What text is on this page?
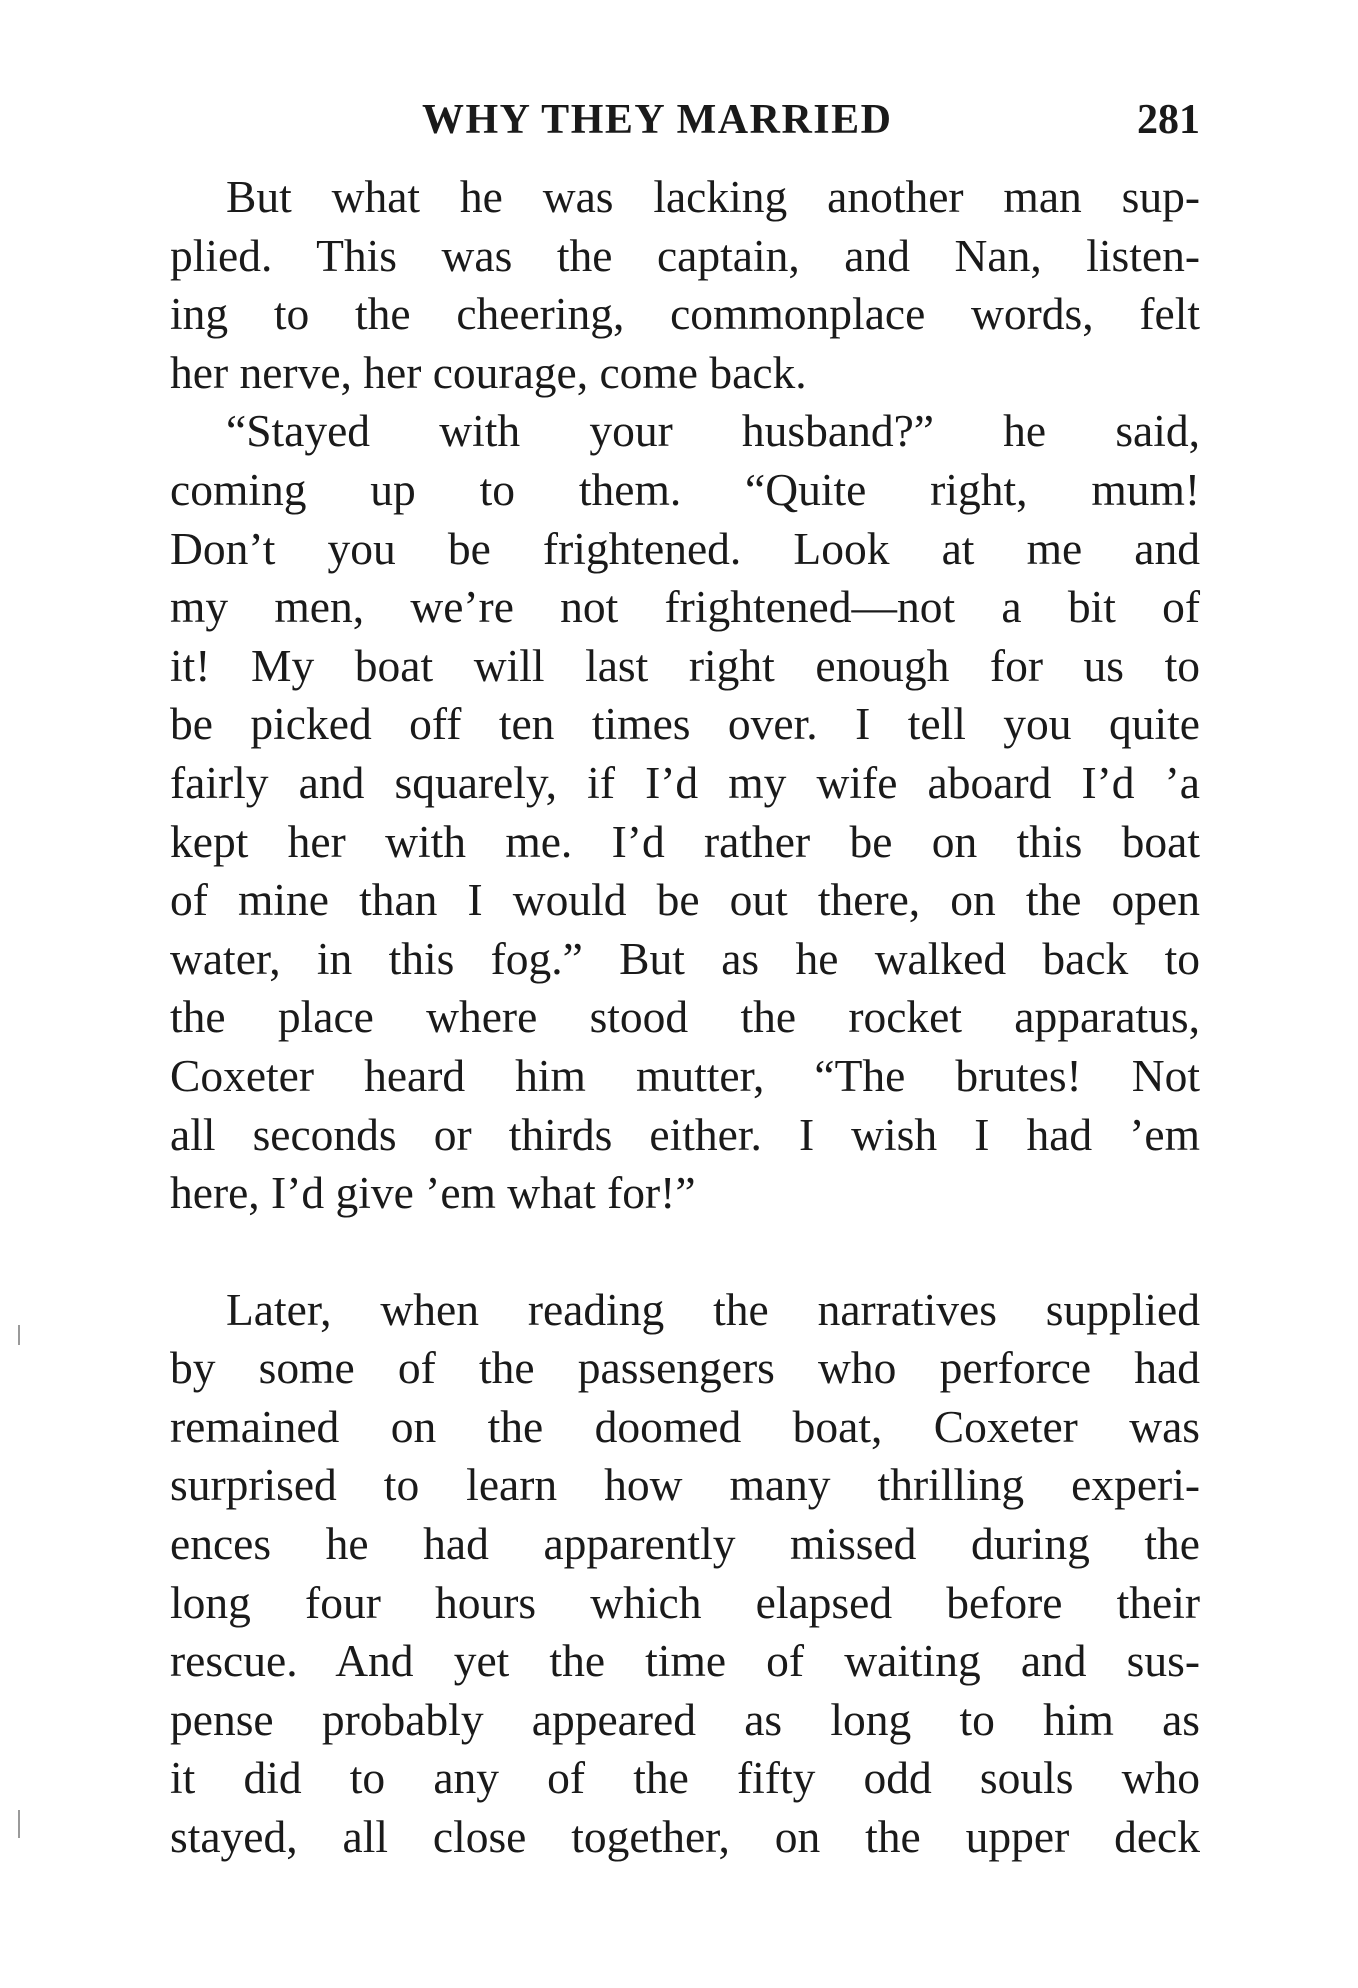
WHY THEY MARRIED	281
But what he was lacking another man sup-
plied. This was the captain, and Nan, listen-
ing to the cheering, commonplace words, felt
her nerve, her courage, come back.
“Stayed with your husband?” he said,
coming up to them. “Quite right, mum!
Don’t you be frightened. Look at me and
my men, we’re not frightened—not a bit of
it! My boat will last right enough for us to
be picked off ten times over. I tell you quite
fairly and squarely, if I’d my wife aboard I’d ’a
kept her with me. I’d rather be on this boat
of mine than I would be out there, on the open
water, in this fog.” But as he walked back to
the place where stood the rocket apparatus,
Coxeter heard him mutter, “The brutes! Not
all seconds or thirds either. I wish I had ’em
here, I’d give ’em what for!”
Later, when reading the narratives supplied
by some of the passengers who perforce had
remained on the doomed boat, Coxeter was
surprised to learn how many thrilling experi-
ences he had apparently missed during the
long four hours which elapsed before their
rescue. And yet the time of waiting and sus-
pense probably appeared as long to him as
it did to any of the fifty odd souls who
stayed, all close together, on the upper deck
